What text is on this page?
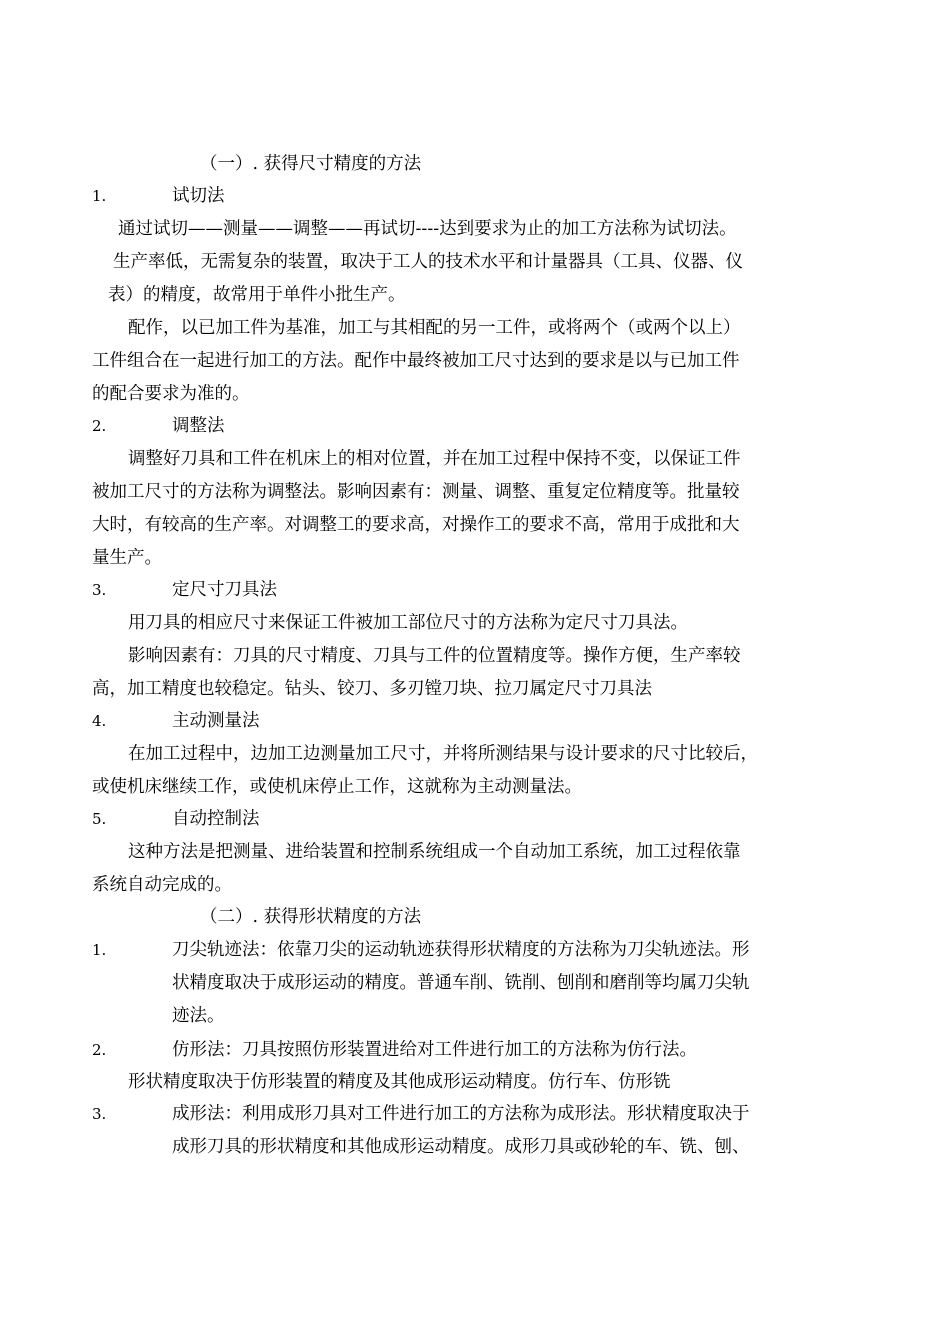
（一）. 获得尺寸精度的方法
1.	试切法
通过试切——测量——调整——再试切----达到要求为止的加工方法称为试切法。
生产率低，无需复杂的装置，取决于工人的技术水平和计量器具（工具、仪器、仪
表）的精度，故常用于单件小批生产。
配作，以已加工件为基准，加工与其相配的另一工件，或将两个（或两个以上）
工件组合在一起进行加工的方法。配作中最终被加工尺寸达到的要求是以与已加工件
的配合要求为准的。
2.	调整法
调整好刀具和工件在机床上的相对位置，并在加工过程中保持不变，以保证工件
被加工尺寸的方法称为调整法。影响因素有：测量、调整、重复定位精度等。批量较
大时，有较高的生产率。对调整工的要求高，对操作工的要求不高，常用于成批和大
量生产。
3.	定尺寸刀具法
用刀具的相应尺寸来保证工件被加工部位尺寸的方法称为定尺寸刀具法。
影响因素有：刀具的尺寸精度、刀具与工件的位置精度等。操作方便，生产率较
高，加工精度也较稳定。钻头、铰刀、多刃镗刀块、拉刀属定尺寸刀具法
4.	主动测量法
在加工过程中，边加工边测量加工尺寸，并将所测结果与设计要求的尺寸比较后，
或使机床继续工作，或使机床停止工作，这就称为主动测量法。
5.	自动控制法
这种方法是把测量、进给装置和控制系统组成一个自动加工系统，加工过程依靠
系统自动完成的。
（二）. 获得形状精度的方法
1.	刀尖轨迹法：依靠刀尖的运动轨迹获得形状精度的方法称为刀尖轨迹法。形
状精度取决于成形运动的精度。普通车削、铣削、刨削和磨削等均属刀尖轨
迹法。
2.	仿形法：刀具按照仿形装置进给对工件进行加工的方法称为仿行法。
形状精度取决于仿形装置的精度及其他成形运动精度。仿行车、仿形铣
3.	成形法：利用成形刀具对工件进行加工的方法称为成形法。形状精度取决于
成形刀具的形状精度和其他成形运动精度。成形刀具或砂轮的车、铣、刨、
